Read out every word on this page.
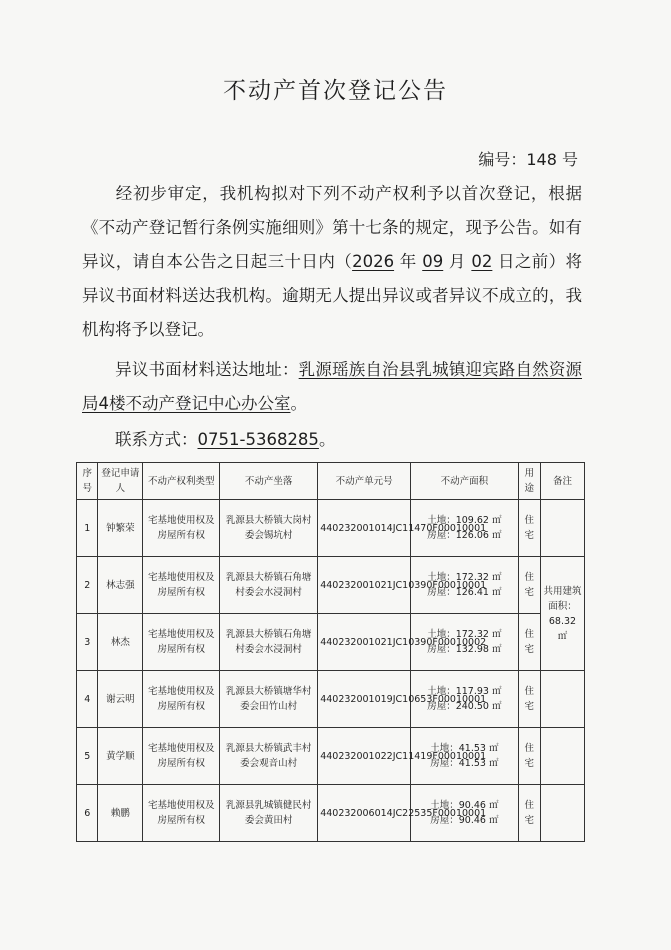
不动产首次登记公告
编号：148 号
经初步审定，我机构拟对下列不动产权利予以首次登记，根据《不动产登记暂行条例实施细则》第十七条的规定，现予公告。如有异议，请自本公告之日起三十日内（2026 年 09 月 02 日之前）将异议书面材料送达我机构。逾期无人提出异议或者异议不成立的，我机构将予以登记。
异议书面材料送达地址：乳源瑶族自治县乳城镇迎宾路自然资源局4楼不动产登记中心办公室。
联系方式：0751-5368285。
序号	登记申请人	不动产权利类型	不动产坐落	不动产单元号	不动产面积	用途	备注
1	钟繁荣	宅基地使用权及房屋所有权	乳源县大桥镇大岗村委会锡坑村	440232001014JC11470F00010001	土地：109.62 ㎡
房屋：126.06 ㎡	住宅	
2	林志强	宅基地使用权及房屋所有权	乳源县大桥镇石角塘村委会水浸洞村	440232001021JC10390F00010001	土地：172.32 ㎡
房屋：126.41 ㎡	住宅	共用建筑面积：68.32 ㎡
3	林杰	宅基地使用权及房屋所有权	乳源县大桥镇石角塘村委会水浸洞村	440232001021JC10390F00010002	土地：172.32 ㎡
房屋：132.98 ㎡	住宅	
4	谢云明	宅基地使用权及房屋所有权	乳源县大桥镇塘华村委会田竹山村	440232001019JC10653F00010001	土地：117.93 ㎡
房屋：240.50 ㎡	住宅	
5	黄学顺	宅基地使用权及房屋所有权	乳源县大桥镇武丰村委会观音山村	440232001022JC11419F00010001	土地：41.53 ㎡
房屋：41.53 ㎡	住宅	
6	赖鹏	宅基地使用权及房屋所有权	乳源县乳城镇健民村委会黄田村	440232006014JC22535F00010001	土地：90.46 ㎡
房屋：90.46 ㎡	住宅	
